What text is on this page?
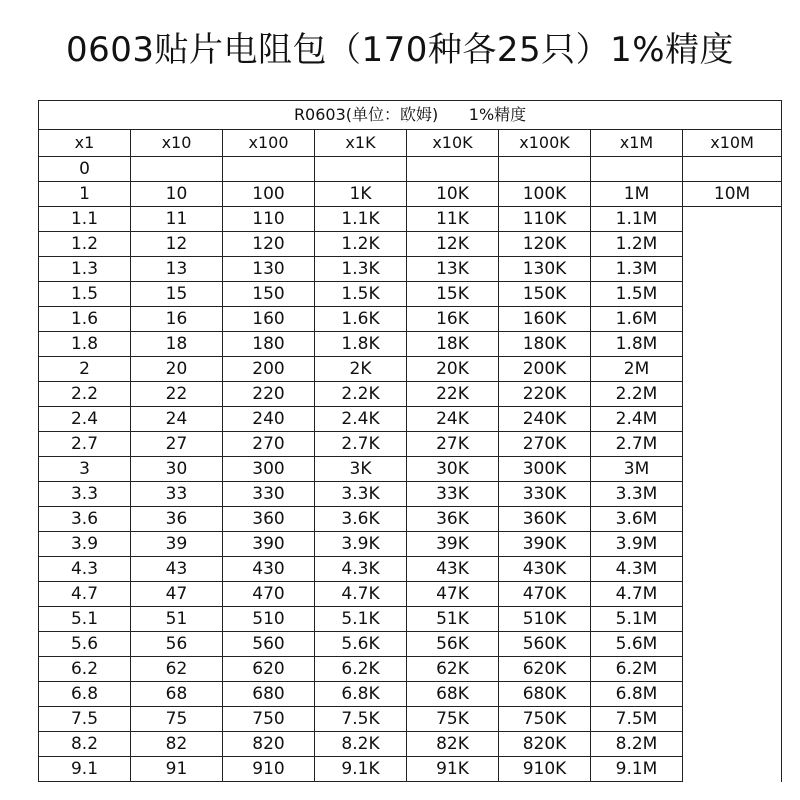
0603贴片电阻包（170种各25只）1%精度
R0603(单位：欧姆)      1%精度							
x1	x10	x100	x1K	x10K	x100K	x1M	x10M
0							
1	10	100	1K	10K	100K	1M	10M
1.1	11	110	1.1K	11K	110K	1.1M	
1.2	12	120	1.2K	12K	120K	1.2M	
1.3	13	130	1.3K	13K	130K	1.3M	
1.5	15	150	1.5K	15K	150K	1.5M	
1.6	16	160	1.6K	16K	160K	1.6M	
1.8	18	180	1.8K	18K	180K	1.8M	
2	20	200	2K	20K	200K	2M	
2.2	22	220	2.2K	22K	220K	2.2M	
2.4	24	240	2.4K	24K	240K	2.4M	
2.7	27	270	2.7K	27K	270K	2.7M	
3	30	300	3K	30K	300K	3M	
3.3	33	330	3.3K	33K	330K	3.3M	
3.6	36	360	3.6K	36K	360K	3.6M	
3.9	39	390	3.9K	39K	390K	3.9M	
4.3	43	430	4.3K	43K	430K	4.3M	
4.7	47	470	4.7K	47K	470K	4.7M	
5.1	51	510	5.1K	51K	510K	5.1M	
5.6	56	560	5.6K	56K	560K	5.6M	
6.2	62	620	6.2K	62K	620K	6.2M	
6.8	68	680	6.8K	68K	680K	6.8M	
7.5	75	750	7.5K	75K	750K	7.5M	
8.2	82	820	8.2K	82K	820K	8.2M	
9.1	91	910	9.1K	91K	910K	9.1M	
